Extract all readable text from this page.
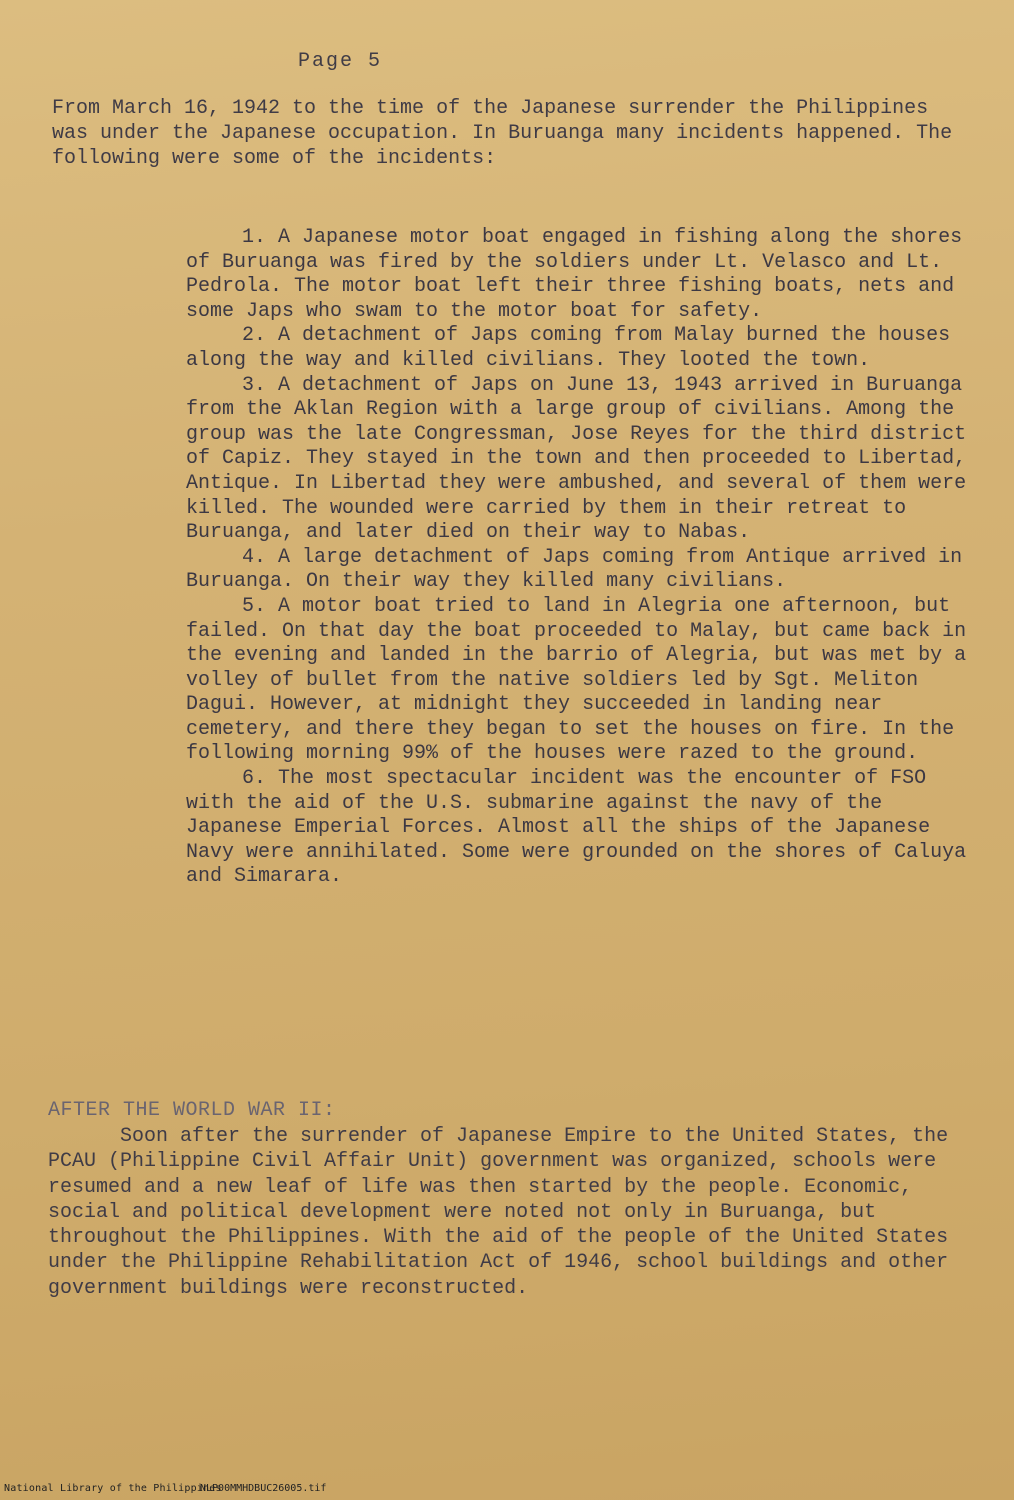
Page 5

From March 16, 1942 to the time of the Japanese surrender the Philippines was under the Japanese occupation. In Buruanga many incidents happened. The following were some of the incidents:

1. A Japanese motor boat engaged in fishing along the shores of Buruanga was fired by the soldiers under Lt. Velasco and Lt. Pedrola. The motor boat left their three fishing boats, nets and some Japs who swam to the motor boat for safety.
2. A detachment of Japs coming from Malay burned the houses along the way and killed civilians. They looted the town.
3. A detachment of Japs on June 13, 1943 arrived in Buruanga from the Aklan Region with a large group of civilians. Among the group was the late Congressman, Jose Reyes for the third district of Capiz. They stayed in the town and then proceeded to Libertad, Antique. In Libertad they were ambushed, and several of them were killed. The wounded were carried by them in their retreat to Buruanga, and later died on their way to Nabas.
4. A large detachment of Japs coming from Antique arrived in Buruanga. On their way they killed many civilians.
5. A motor boat tried to land in Alegria one afternoon, but failed. On that day the boat proceeded to Malay, but came back in the evening and landed in the barrio of Alegria, but was met by a volley of bullet from the native soldiers led by Sgt. Meliton Dagui. However, at midnight they succeeded in landing near cemetery, and there they began to set the houses on fire. In the following morning 99% of the houses were razed to the ground.
6. The most spectacular incident was the encounter of FSO with the aid of the U.S. submarine against the navy of the Japanese Emperial Forces. Almost all the ships of the Japanese Navy were annihilated. Some were grounded on the shores of Caluya and Simarara.
AFTER THE WORLD WAR II:

Soon after the surrender of Japanese Empire to the United States, the PCAU (Philippine Civil Affair Unit) government was organized, schools were resumed and a new leaf of life was then started by the people. Economic, social and political development were noted not only in Buruanga, but throughout the Philippines. With the aid of the people of the United States under the Philippine Rehabilitation Act of 1946, school buildings and other government buildings were reconstructed.

National Library of the Philippines
NLP00MMHDBUC26005.tif
